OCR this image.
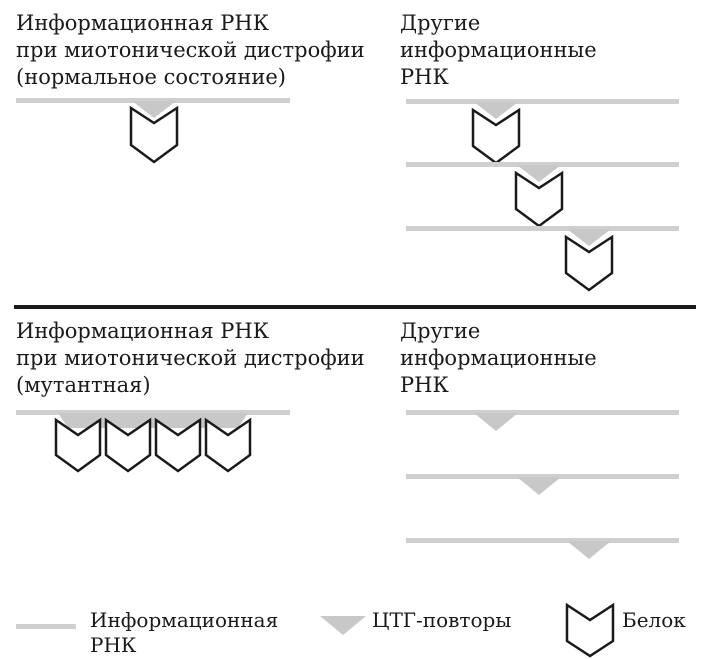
Информационная РНК
при миотонической дистрофии
(нормальное состояние)
Другие
информационные
РНК
Информационная РНК
при миотонической дистрофии
(мутантная)
Другие
информационные
РНК
Информационная РНК
ЦТГ-повторы	Белок
